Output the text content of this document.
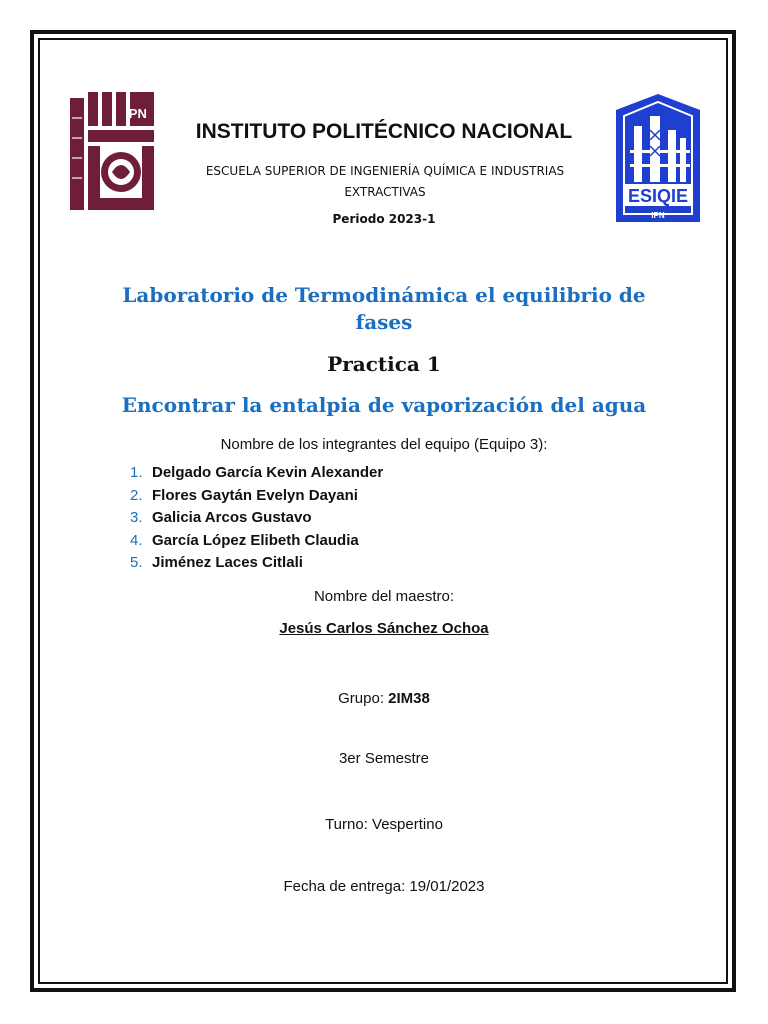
IPN
ESIQIE
IPN
INSTITUTO POLITÉCNICO NACIONAL
ESCUELA SUPERIOR DE INGENIERÍA QUÍMICA E INDUSTRIAS
EXTRACTIVAS
Periodo 2023-1
Laboratorio de Termodinámica el equilibrio de
fases
Practica 1
Encontrar la entalpia de vaporización del agua
Nombre de los integrantes del equipo (Equipo 3):
1. Delgado García Kevin Alexander
2. Flores Gaytán Evelyn Dayani
3. Galicia Arcos Gustavo
4. García López Elibeth Claudia
5. Jiménez Laces Citlali
Nombre del maestro:
Jesús Carlos Sánchez Ochoa
Grupo: 2IM38
3er Semestre
Turno: Vespertino
Fecha de entrega: 19/01/2023
